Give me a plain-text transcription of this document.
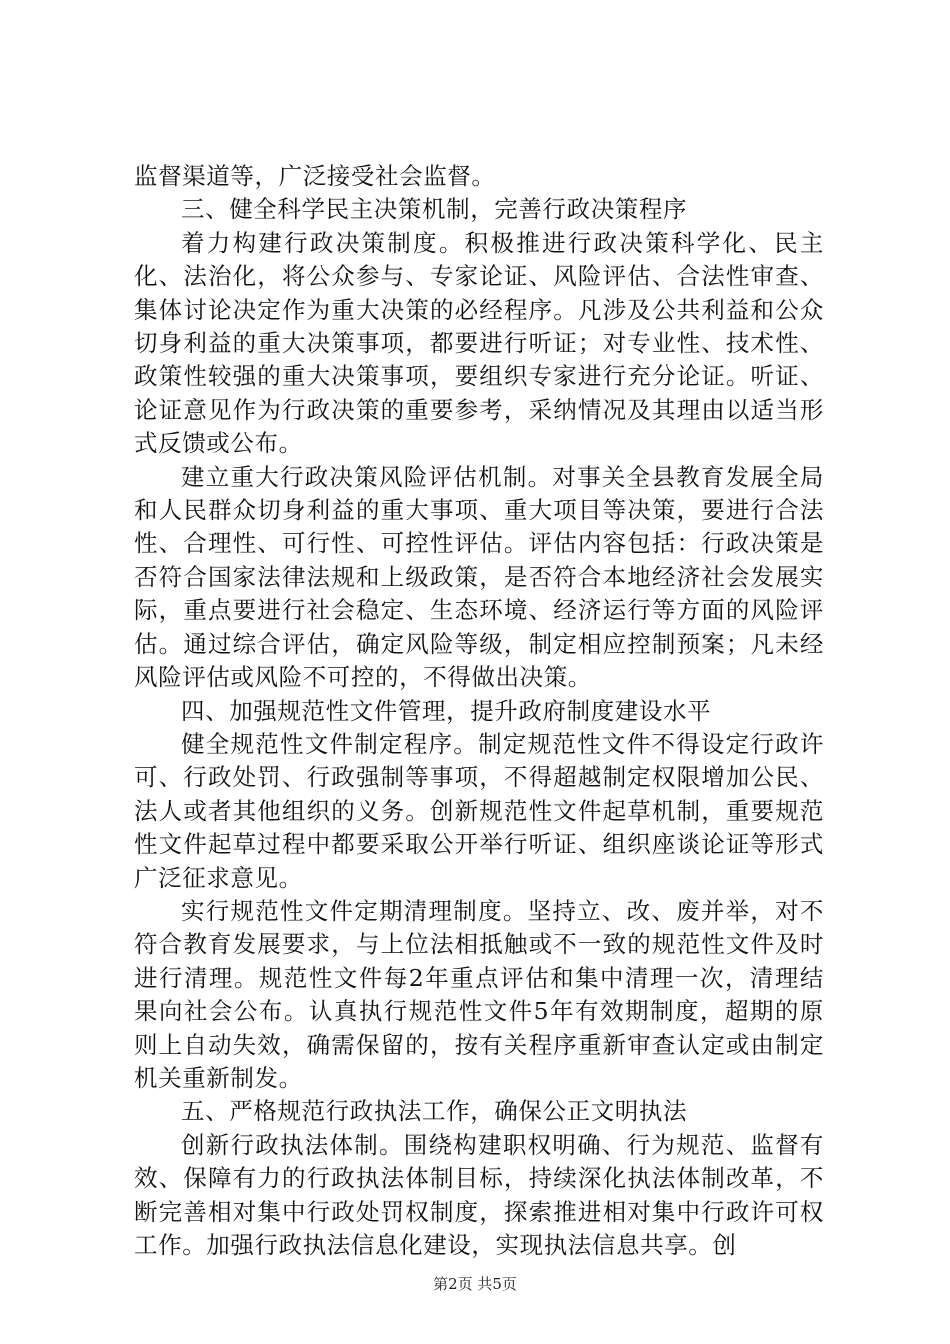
监督渠道等，广泛接受社会监督。

三、健全科学民主决策机制，完善行政决策程序

着力构建行政决策制度。积极推进行政决策科学化、民主化、法治化，将公众参与、专家论证、风险评估、合法性审查、集体讨论决定作为重大决策的必经程序。凡涉及公共利益和公众切身利益的重大决策事项，都要进行听证；对专业性、技术性、政策性较强的重大决策事项，要组织专家进行充分论证。听证、论证意见作为行政决策的重要参考，采纳情况及其理由以适当形式反馈或公布。

建立重大行政决策风险评估机制。对事关全县教育发展全局和人民群众切身利益的重大事项、重大项目等决策，要进行合法性、合理性、可行性、可控性评估。评估内容包括：行政决策是否符合国家法律法规和上级政策，是否符合本地经济社会发展实际，重点要进行社会稳定、生态环境、经济运行等方面的风险评估。通过综合评估，确定风险等级，制定相应控制预案；凡未经风险评估或风险不可控的，不得做出决策。

四、加强规范性文件管理，提升政府制度建设水平

健全规范性文件制定程序。制定规范性文件不得设定行政许可、行政处罚、行政强制等事项，不得超越制定权限增加公民、法人或者其他组织的义务。创新规范性文件起草机制，重要规范性文件起草过程中都要采取公开举行听证、组织座谈论证等形式广泛征求意见。

实行规范性文件定期清理制度。坚持立、改、废并举，对不符合教育发展要求，与上位法相抵触或不一致的规范性文件及时进行清理。规范性文件每2年重点评估和集中清理一次，清理结果向社会公布。认真执行规范性文件5年有效期制度，超期的原则上自动失效，确需保留的，按有关程序重新审查认定或由制定机关重新制发。

五、严格规范行政执法工作，确保公正文明执法

创新行政执法体制。围绕构建职权明确、行为规范、监督有效、保障有力的行政执法体制目标，持续深化执法体制改革，不断完善相对集中行政处罚权制度，探索推进相对集中行政许可权工作。加强行政执法信息化建设，实现执法信息共享。创

第2页 共5页
